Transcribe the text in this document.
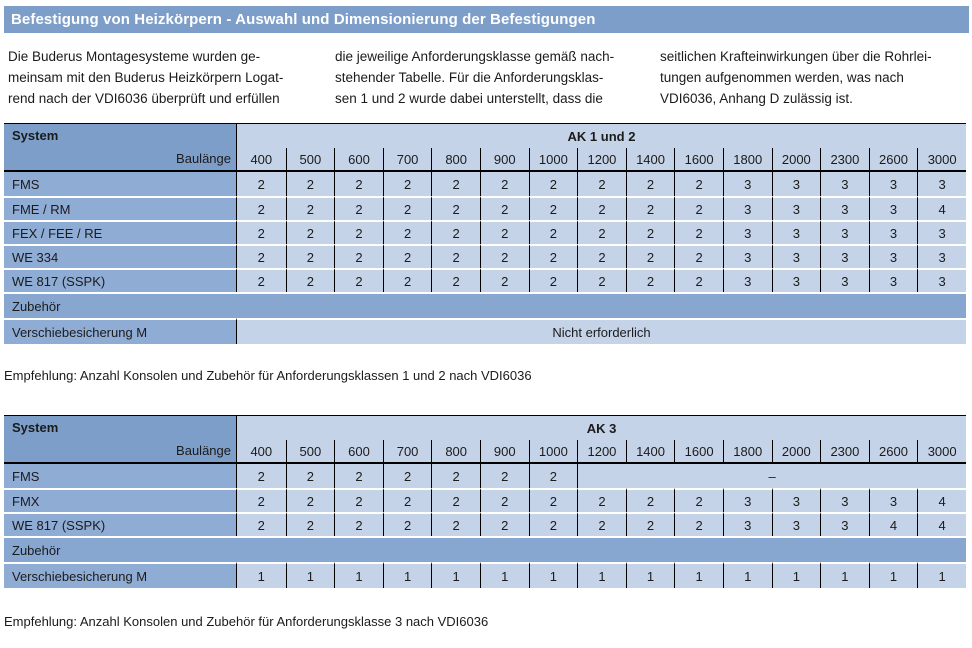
Befestigung von Heizkörpern - Auswahl und Dimensionierung der Befestigungen
Die Buderus Montagesysteme wurden ge-
meinsam mit den Buderus Heizkörpern Logat-
rend nach der VDI6036 überprüft und erfüllen
die jeweilige Anforderungsklasse gemäß nach-
stehender Tabelle. Für die Anforderungsklas-
sen 1 und 2 wurde dabei unterstellt, dass die
seitlichen Krafteinwirkungen über die Rohrlei-
tungen aufgenommen werden, was nach
VDI6036, Anhang D zulässig ist.
System
Baulänge	AK 1 und 2														
	400	500	600	700	800	900	1000	1200	1400	1600	1800	2000	2300	2600	3000
FMS	2	2	2	2	2	2	2	2	2	2	3	3	3	3	3
FME / RM	2	2	2	2	2	2	2	2	2	2	3	3	3	3	4
FEX / FEE / RE	2	2	2	2	2	2	2	2	2	2	3	3	3	3	3
WE 334	2	2	2	2	2	2	2	2	2	2	3	3	3	3	3
WE 817 (SSPK)	2	2	2	2	2	2	2	2	2	2	3	3	3	3	3
Zubehör															
Verschiebesicherung M	Nicht erforderlich														
Empfehlung: Anzahl Konsolen und Zubehör für Anforderungsklassen 1 und 2 nach VDI6036
System
Baulänge	AK 3														
	400	500	600	700	800	900	1000	1200	1400	1600	1800	2000	2300	2600	3000
FMS	2	2	2	2	2	2	2	–							
FMX	2	2	2	2	2	2	2	2	2	2	3	3	3	3	4
WE 817 (SSPK)	2	2	2	2	2	2	2	2	2	2	3	3	3	4	4
Zubehör															
Verschiebesicherung M	1	1	1	1	1	1	1	1	1	1	1	1	1	1	1
Empfehlung: Anzahl Konsolen und Zubehör für Anforderungsklasse 3 nach VDI6036
